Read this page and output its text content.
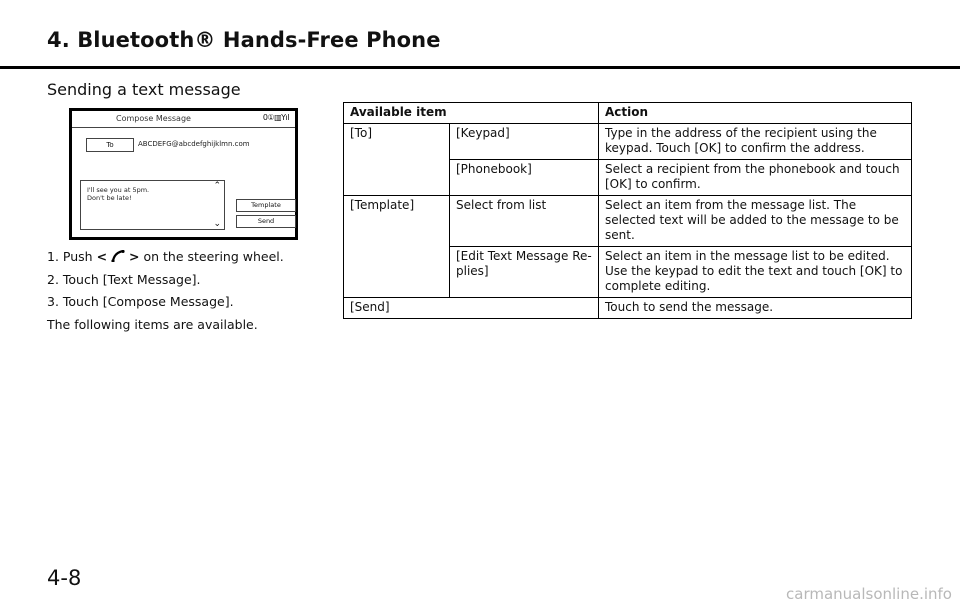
4. Bluetooth® Hands-Free Phone
Sending a text message
Compose Message	0①▥Yıl
To	ABCDEFG@abcdefghijklmn.com
I'll see you at 5pm.
Don't be late!
⌃
⌄
Template
Send
1. Push < > on the steering wheel.
2. Touch [Text Message].
3. Touch [Compose Message].
The following items are available.
Available item		Action
[To]	[Keypad]	Type in the address of the recipient using the keypad. Touch [OK] to confirm the address.
	[Phonebook]	Select a recipient from the phonebook and touch [OK] to confirm.
[Template]	Select from list	Select an item from the message list. The selected text will be added to the message to be sent.
	[Edit Text Message Replies]	Select an item in the message list to be edited. Use the keypad to edit the text and touch [OK] to complete editing.
[Send]		Touch to send the message.
4-8
carmanualsonline.info
